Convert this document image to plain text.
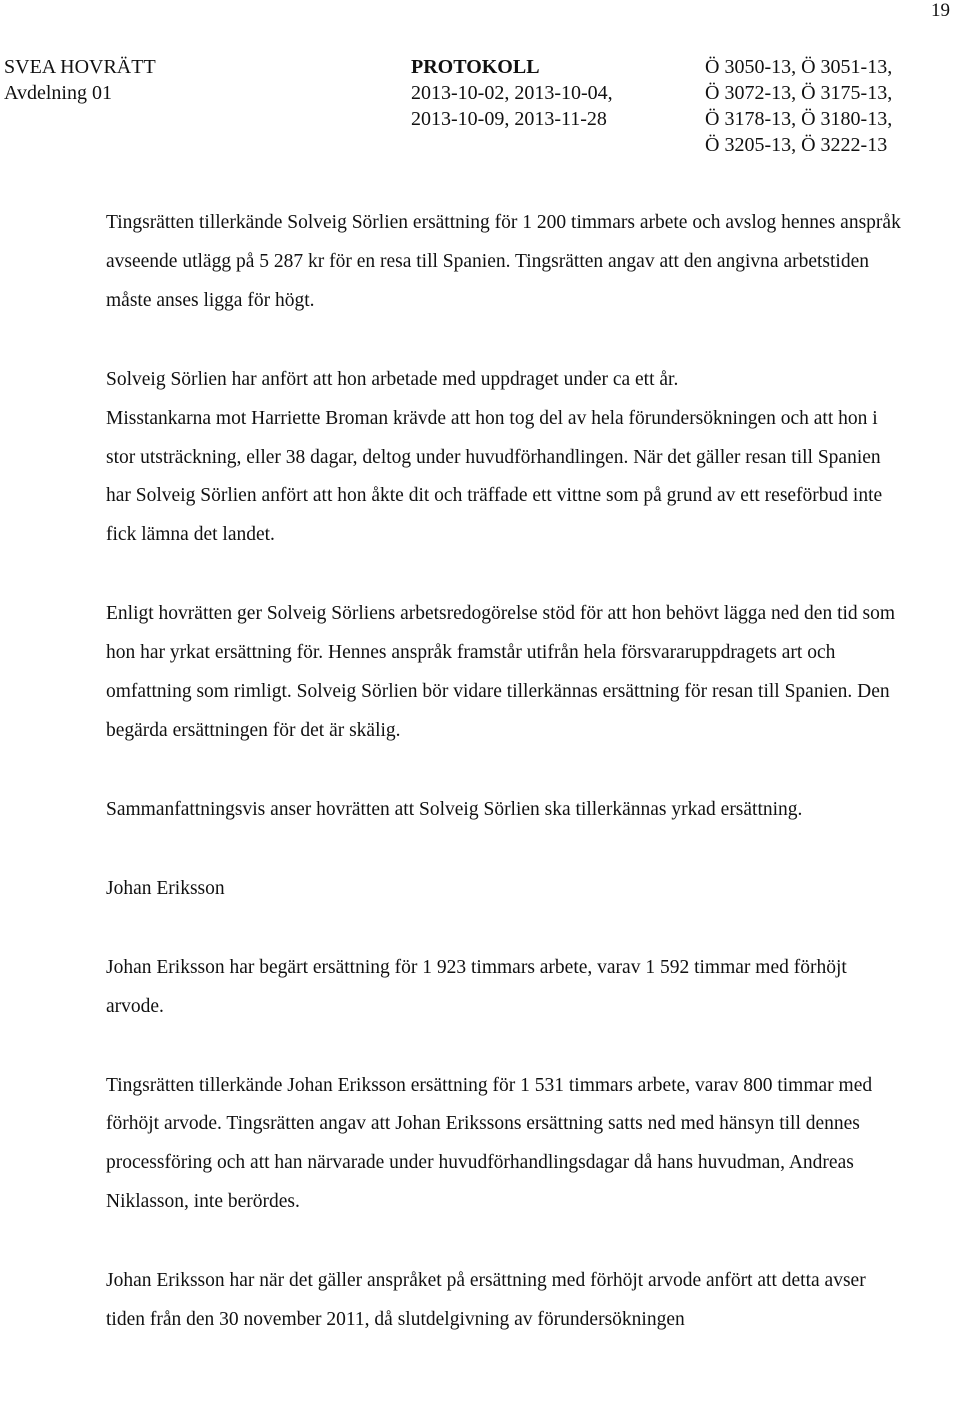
19
SVEA HOVRÄTT
Avdelning 01
PROTOKOLL
2013-10-02, 2013-10-04,
2013-10-09, 2013-11-28
Ö 3050-13, Ö 3051-13,
Ö 3072-13, Ö 3175-13,
Ö 3178-13, Ö 3180-13,
Ö 3205-13, Ö 3222-13

Tingsrätten tillerkände Solveig Sörlien ersättning för 1 200 timmars arbete och avslog hennes anspråk avseende utlägg på 5 287 kr för en resa till Spanien. Tingsrätten angav att den angivna arbetstiden måste anses ligga för högt.

Solveig Sörlien har anfört att hon arbetade med uppdraget under ca ett år.

Misstankarna mot Harriette Broman krävde att hon tog del av hela förundersökningen och att hon i stor utsträckning, eller 38 dagar, deltog under huvudförhandlingen. När det gäller resan till Spanien har Solveig Sörlien anfört att hon åkte dit och träffade ett vittne som på grund av ett reseförbud inte fick lämna det landet.

Enligt hovrätten ger Solveig Sörliens arbetsredogörelse stöd för att hon behövt lägga ned den tid som hon har yrkat ersättning för. Hennes anspråk framstår utifrån hela försvararuppdragets art och omfattning som rimligt. Solveig Sörlien bör vidare tillerkännas ersättning för resan till Spanien. Den begärda ersättningen för det är skälig.

Sammanfattningsvis anser hovrätten att Solveig Sörlien ska tillerkännas yrkad ersättning.

Johan Eriksson

Johan Eriksson har begärt ersättning för 1 923 timmars arbete, varav 1 592 timmar med förhöjt arvode.

Tingsrätten tillerkände Johan Eriksson ersättning för 1 531 timmars arbete, varav 800 timmar med förhöjt arvode. Tingsrätten angav att Johan Erikssons ersättning satts ned med hänsyn till dennes processföring och att han närvarade under huvudförhandlingsdagar då hans huvudman, Andreas Niklasson, inte berördes.

Johan Eriksson har när det gäller anspråket på ersättning med förhöjt arvode anfört att detta avser tiden från den 30 november 2011, då slutdelgivning av förundersökningen
